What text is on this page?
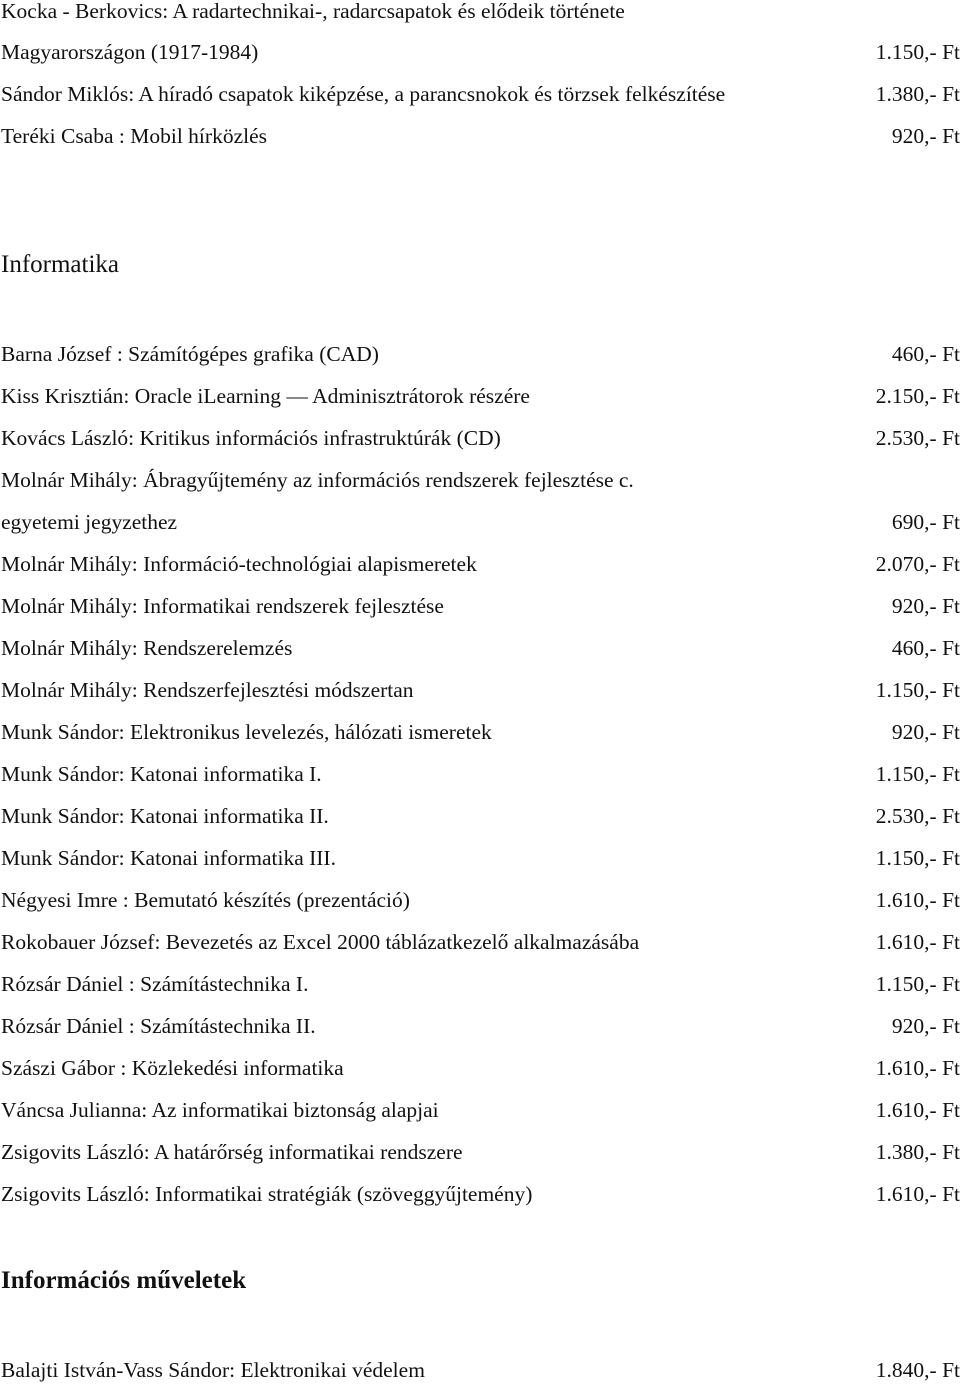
Kocka - Berkovics: A radartechnikai-, radarcsapatok és elődeik története
Magyarországon (1917-1984)	1.150,- Ft
Sándor Miklós: A híradó csapatok kiképzése, a parancsnokok és törzsek felkészítése	1.380,- Ft
Teréki Csaba : Mobil hírközlés	920,- Ft
Informatika
Barna József : Számítógépes grafika (CAD)	460,- Ft
Kiss Krisztián: Oracle iLearning — Adminisztrátorok részére	2.150,- Ft
Kovács László: Kritikus információs infrastruktúrák (CD)	2.530,- Ft
Molnár Mihály: Ábragyűjtemény az információs rendszerek fejlesztése c.
egyetemi jegyzethez	690,- Ft
Molnár Mihály: Információ-technológiai alapismeretek	2.070,- Ft
Molnár Mihály: Informatikai rendszerek fejlesztése	920,- Ft
Molnár Mihály: Rendszerelemzés	460,- Ft
Molnár Mihály: Rendszerfejlesztési módszertan	1.150,- Ft
Munk Sándor: Elektronikus levelezés, hálózati ismeretek	920,- Ft
Munk Sándor: Katonai informatika I.	1.150,- Ft
Munk Sándor: Katonai informatika II.	2.530,- Ft
Munk Sándor: Katonai informatika III.	1.150,- Ft
Négyesi Imre : Bemutató készítés (prezentáció)	1.610,- Ft
Rokobauer József: Bevezetés az Excel 2000 táblázatkezelő alkalmazásába	1.610,- Ft
Rózsár Dániel : Számítástechnika I.	1.150,- Ft
Rózsár Dániel : Számítástechnika II.	920,- Ft
Szászi Gábor : Közlekedési informatika	1.610,- Ft
Váncsa Julianna: Az informatikai biztonság alapjai	1.610,- Ft
Zsigovits László: A határőrség informatikai rendszere	1.380,- Ft
Zsigovits László: Informatikai stratégiák (szöveggyűjtemény)	1.610,- Ft
Információs műveletek
Balajti István-Vass Sándor: Elektronikai védelem	1.840,- Ft
